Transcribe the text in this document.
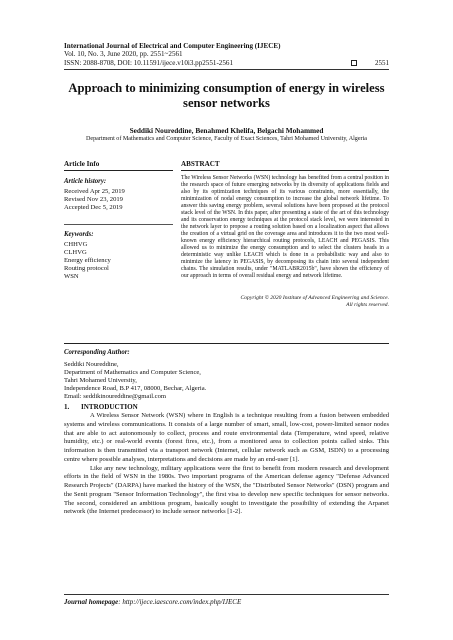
International Journal of Electrical and Computer Engineering (IJECE)
Vol. 10, No. 3, June 2020, pp. 2551~2561
ISSN: 2088-8708, DOI: 10.11591/ijece.v10i3.pp2551-2561	2551
Approach to minimizing consumption of energy in wireless sensor networks
Seddiki Noureddine, Benahmed Khelifa, Belgachi Mohammed
Department of Mathematics and Computer Science, Faculty of Exact Sciences, Tahri Mohamed University, Algeria
Article Info
Article history:
Received Apr 25, 2019
Revised Nov 23, 2019
Accepted Dec 5, 2019
Keywords:
CHHVG
CLHVG
Energy efficiency
Routing protocol
WSN
ABSTRACT

The Wireless Sensor Networks (WSN) technology has benefited from a central position in the research space of future emerging networks by its diversity of applications fields and also by its optimization techniques of its various constraints, more essentially, the minimization of nodal energy consumption to increase the global network lifetime. To answer this saving energy problem, several solutions have been proposed at the protocol stack level of the WSN. In this paper, after presenting a state of the art of this technology and its conservation energy techniques at the protocol stack level, we were interested in the network layer to propose a routing solution based on a localization aspect that allows the creation of a virtual grid on the coverage area and introduces it to the two most well-known energy efficiency hierarchical routing protocols, LEACH and PEGASIS. This allowed us to minimize the energy consumption and to select the clusters heads in a deterministic way unlike LEACH which is done in a probabilistic way and also to minimize the latency in PEGASIS, by decomposing its chain into several independent chains. The simulation results, under "MATLABR2015b", have shown the efficiency of our approach in terms of overall residual energy and network lifetime.

Copyright © 2020 Institute of Advanced Engineering and Science.
All rights reserved.
Corresponding Author:
Seddiki Noureddine,
Department of Mathematics and Computer Science,
Tahri Mohamed University,
Independence Road, B.P 417, 08000, Bechar, Algeria.
Email: seddikinoureddine@gmail.com
1. INTRODUCTION

A Wireless Sensor Network (WSN) where in English is a technique resulting from a fusion between embedded systems and wireless communications. It consists of a large number of smart, small, low-cost, power-limited sensor nodes that are able to act autonomously to collect, process and route environmental data (Temperature, wind speed, relative humidity, etc.) or real-world events (forest fires, etc.), from a monitored area to collection points called sinks. This information is then transmitted via a transport network (Internet, cellular network such as GSM, ISDN) to a processing centre where possible analyses, interpretations and decisions are made by an end-user [1].

Like any new technology, military applications were the first to benefit from modern research and development efforts in the field of WSN in the 1980s. Two important programs of the American defense agency "Defense Advanced Research Projects" (DARPA) have marked the history of the WSN, the "Distributed Sensor Networks" (DSN) program and the Senit program "Sensor Information Technology", the first visa to develop new specific techniques for sensor networks. The second, considered an ambitious program, basically sought to investigate the possibility of extending the Arpanet network (the Internet predecessor) to include sensor networks [1-2].

Journal homepage: http://ijece.iaescore.com/index.php/IJECE
